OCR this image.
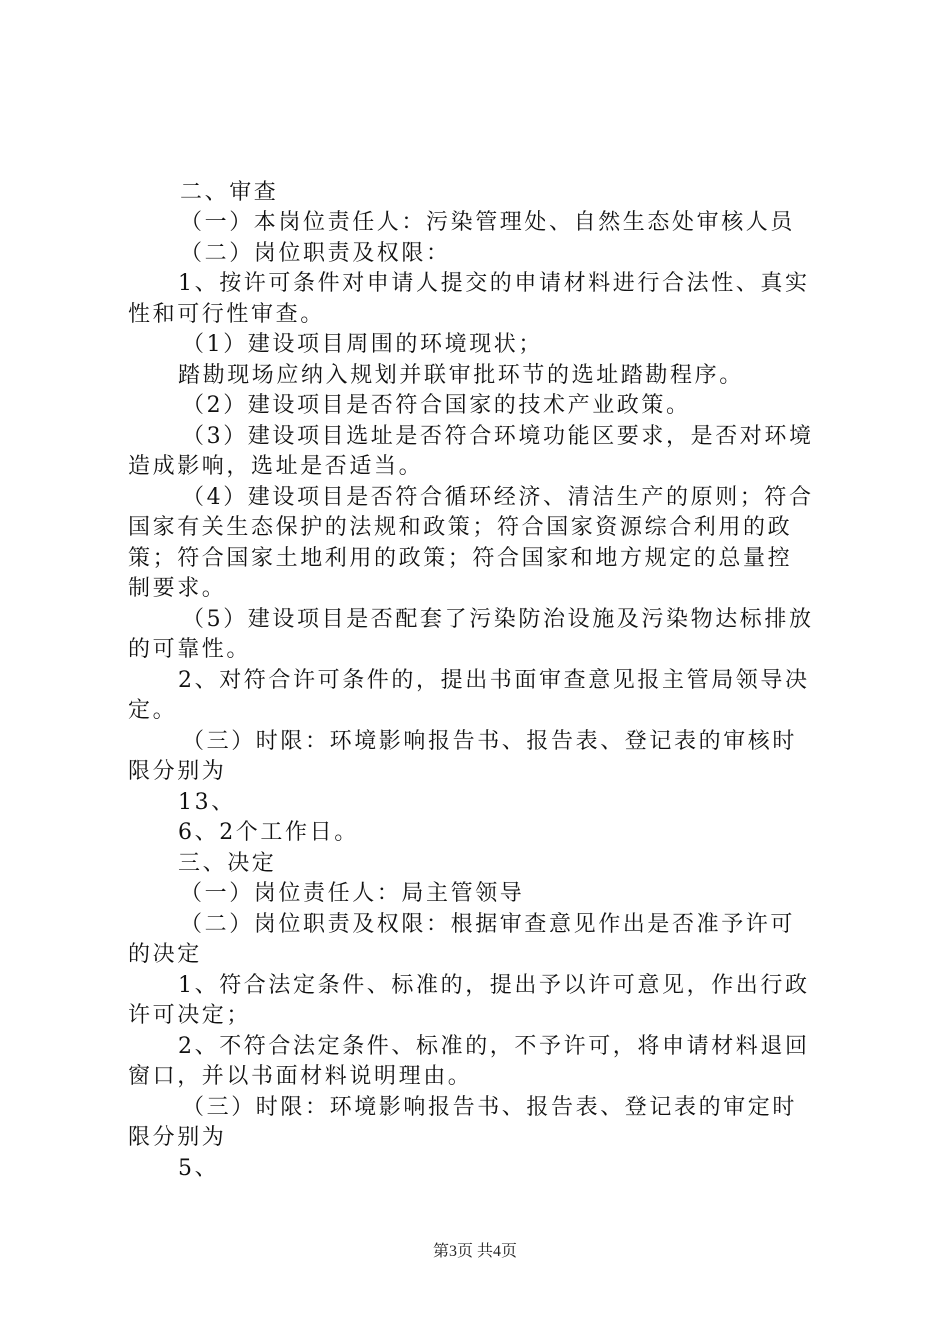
二、审查
（一）本岗位责任人：污染管理处、自然生态处审核人员
（二）岗位职责及权限：
1、按许可条件对申请人提交的申请材料进行合法性、真实
性和可行性审查。
（1）建设项目周围的环境现状；
踏勘现场应纳入规划并联审批环节的选址踏勘程序。
（2）建设项目是否符合国家的技术产业政策。
（3）建设项目选址是否符合环境功能区要求，是否对环境
造成影响，选址是否适当。
（4）建设项目是否符合循环经济、清洁生产的原则；符合
国家有关生态保护的法规和政策；符合国家资源综合利用的政
策；符合国家土地利用的政策；符合国家和地方规定的总量控
制要求。
（5）建设项目是否配套了污染防治设施及污染物达标排放
的可靠性。
2、对符合许可条件的，提出书面审查意见报主管局领导决
定。
（三）时限：环境影响报告书、报告表、登记表的审核时
限分别为
13、
6、2个工作日。
三、决定
（一）岗位责任人：局主管领导
（二）岗位职责及权限：根据审查意见作出是否准予许可
的决定
1、符合法定条件、标准的，提出予以许可意见，作出行政
许可决定；
2、不符合法定条件、标准的，不予许可，将申请材料退回
窗口，并以书面材料说明理由。
（三）时限：环境影响报告书、报告表、登记表的审定时
限分别为
5、
第3页 共4页
